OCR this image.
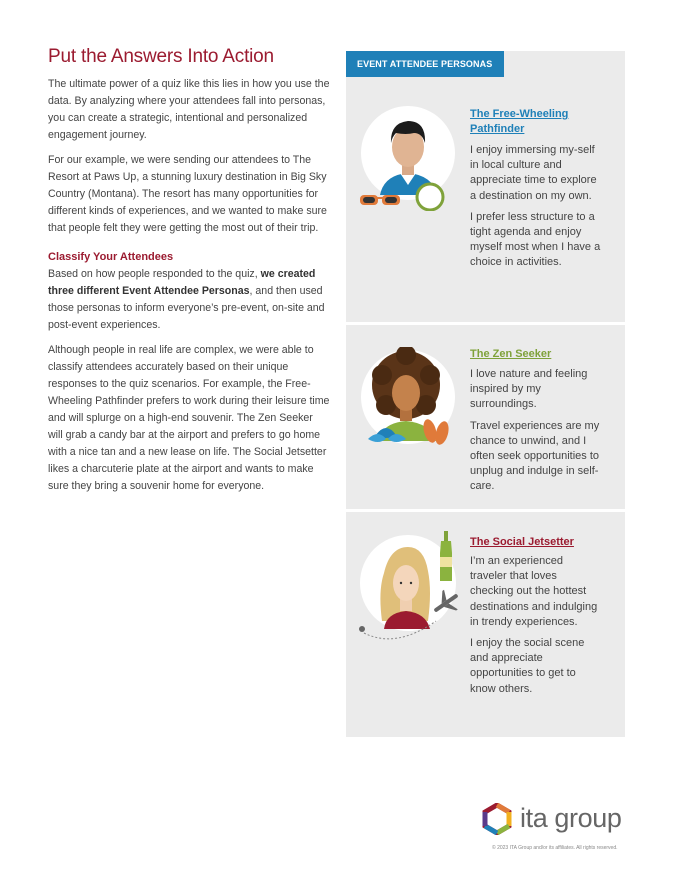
Put the Answers Into Action

The ultimate power of a quiz like this lies in how you use the data. By analyzing where your attendees fall into personas, you can create a strategic, intentional and personalized engagement journey.

For our example, we were sending our attendees to The Resort at Paws Up, a stunning luxury destination in Big Sky Country (Montana). The resort has many opportunities for different kinds of experiences, and we wanted to make sure that people felt they were getting the most out of their trip.

Classify Your Attendees

Based on how people responded to the quiz, we created three different Event Attendee Personas, and then used those personas to inform everyone’s pre-event, on-site and post-event experiences.

Although people in real life are complex, we were able to classify attendees accurately based on their unique responses to the quiz scenarios. For example, the Free-Wheeling Pathfinder prefers to work during their leisure time and will splurge on a high-end souvenir. The Zen Seeker will grab a candy bar at the airport and prefers to go home with a nice tan and a new lease on life. The Social Jetsetter likes a charcuterie plate at the airport and wants to make sure they bring a souvenir home for everyone.

EVENT ATTENDEE PERSONAS
The Free-Wheeling Pathfinder

I enjoy immersing my-self in local culture and appreciate time to explore a destination on my own.

I prefer less structure to a tight agenda and enjoy myself most when I have a choice in activities.

The Zen Seeker

I love nature and feeling inspired by my surroundings.

Travel experiences are my chance to unwind, and I often seek opportunities to unplug and indulge in self-care.

The Social Jetsetter

I’m an experienced traveler that loves checking out the hottest destinations and indulging in trendy experiences.

I enjoy the social scene and appreciate opportunities to get to know others.

ita group
© 2023 ITA Group and/or its affiliates. All rights reserved.
